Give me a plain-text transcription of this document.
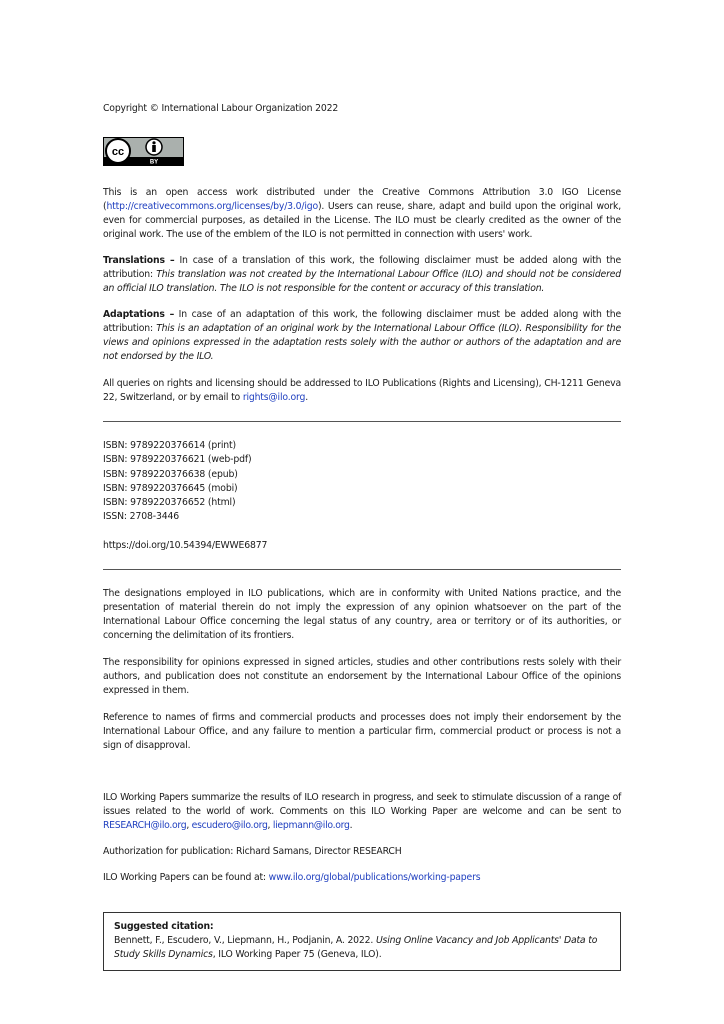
Copyright © International Labour Organization 2022

cc
BY

This is an open access work distributed under the Creative Commons Attribution 3.0 IGO License (http://creativecommons.org/licenses/by/3.0/igo). Users can reuse, share, adapt and build upon the original work, even for commercial purposes, as detailed in the License. The ILO must be clearly credited as the owner of the original work. The use of the emblem of the ILO is not permitted in connection with users' work.

Translations – In case of a translation of this work, the following disclaimer must be added along with the attribution: This translation was not created by the International Labour Office (ILO) and should not be considered an official ILO translation. The ILO is not responsible for the content or accuracy of this translation.

Adaptations – In case of an adaptation of this work, the following disclaimer must be added along with the attribution: This is an adaptation of an original work by the International Labour Office (ILO). Responsibility for the views and opinions expressed in the adaptation rests solely with the author or authors of the adaptation and are not endorsed by the ILO.

All queries on rights and licensing should be addressed to ILO Publications (Rights and Licensing), CH-1211 Geneva 22, Switzerland, or by email to rights@ilo.org.

ISBN: 9789220376614 (print)
ISBN: 9789220376621 (web-pdf)
ISBN: 9789220376638 (epub)
ISBN: 9789220376645 (mobi)
ISBN: 9789220376652 (html)
ISSN: 2708-3446

https://doi.org/10.54394/EWWE6877

The designations employed in ILO publications, which are in conformity with United Nations practice, and the presentation of material therein do not imply the expression of any opinion whatsoever on the part of the International Labour Office concerning the legal status of any country, area or territory or of its authorities, or concerning the delimitation of its frontiers.

The responsibility for opinions expressed in signed articles, studies and other contributions rests solely with their authors, and publication does not constitute an endorsement by the International Labour Office of the opinions expressed in them.

Reference to names of firms and commercial products and processes does not imply their endorsement by the International Labour Office, and any failure to mention a particular firm, commercial product or process is not a sign of disapproval.

ILO Working Papers summarize the results of ILO research in progress, and seek to stimulate discussion of a range of issues related to the world of work. Comments on this ILO Working Paper are welcome and can be sent to RESEARCH@ilo.org, escudero@ilo.org, liepmann@ilo.org.

Authorization for publication: Richard Samans, Director RESEARCH

ILO Working Papers can be found at: www.ilo.org/global/publications/working-papers

Suggested citation:

Bennett, F., Escudero, V., Liepmann, H., Podjanin, A. 2022. Using Online Vacancy and Job Applicants' Data to Study Skills Dynamics, ILO Working Paper 75 (Geneva, ILO).
